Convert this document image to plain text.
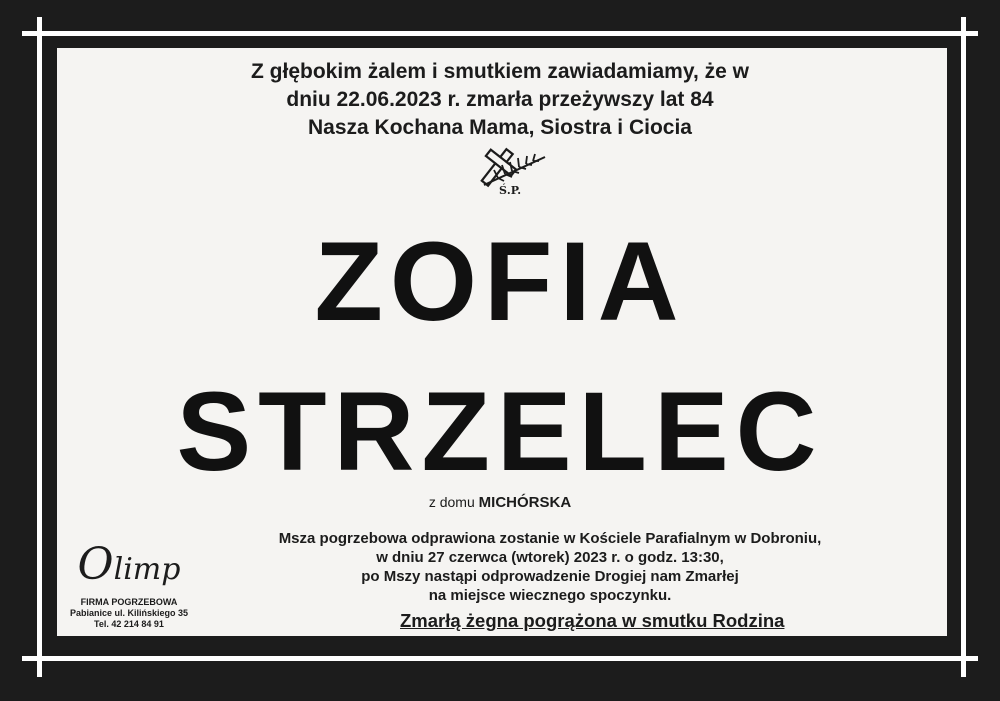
Z głębokim żalem i smutkiem zawiadamiamy, że w
dniu 22.06.2023 r. zmarła przeżywszy lat 84
Nasza Kochana Mama, Siostra i Ciocia
Ś.P.
ZOFIA
STRZELEC
z domu MICHÓRSKA
Msza pogrzebowa odprawiona zostanie w Kościele Parafialnym w Dobroniu,
w dniu 27 czerwca (wtorek) 2023 r. o godz. 13:30,
po Mszy nastąpi odprowadzenie Drogiej nam Zmarłej
na miejsce wiecznego spoczynku.
Zmarłą żegna pogrążona w smutku Rodzina
Olimp
FIRMA POGRZEBOWA
Pabianice ul. Kilińskiego 35
Tel. 42 214 84 91
